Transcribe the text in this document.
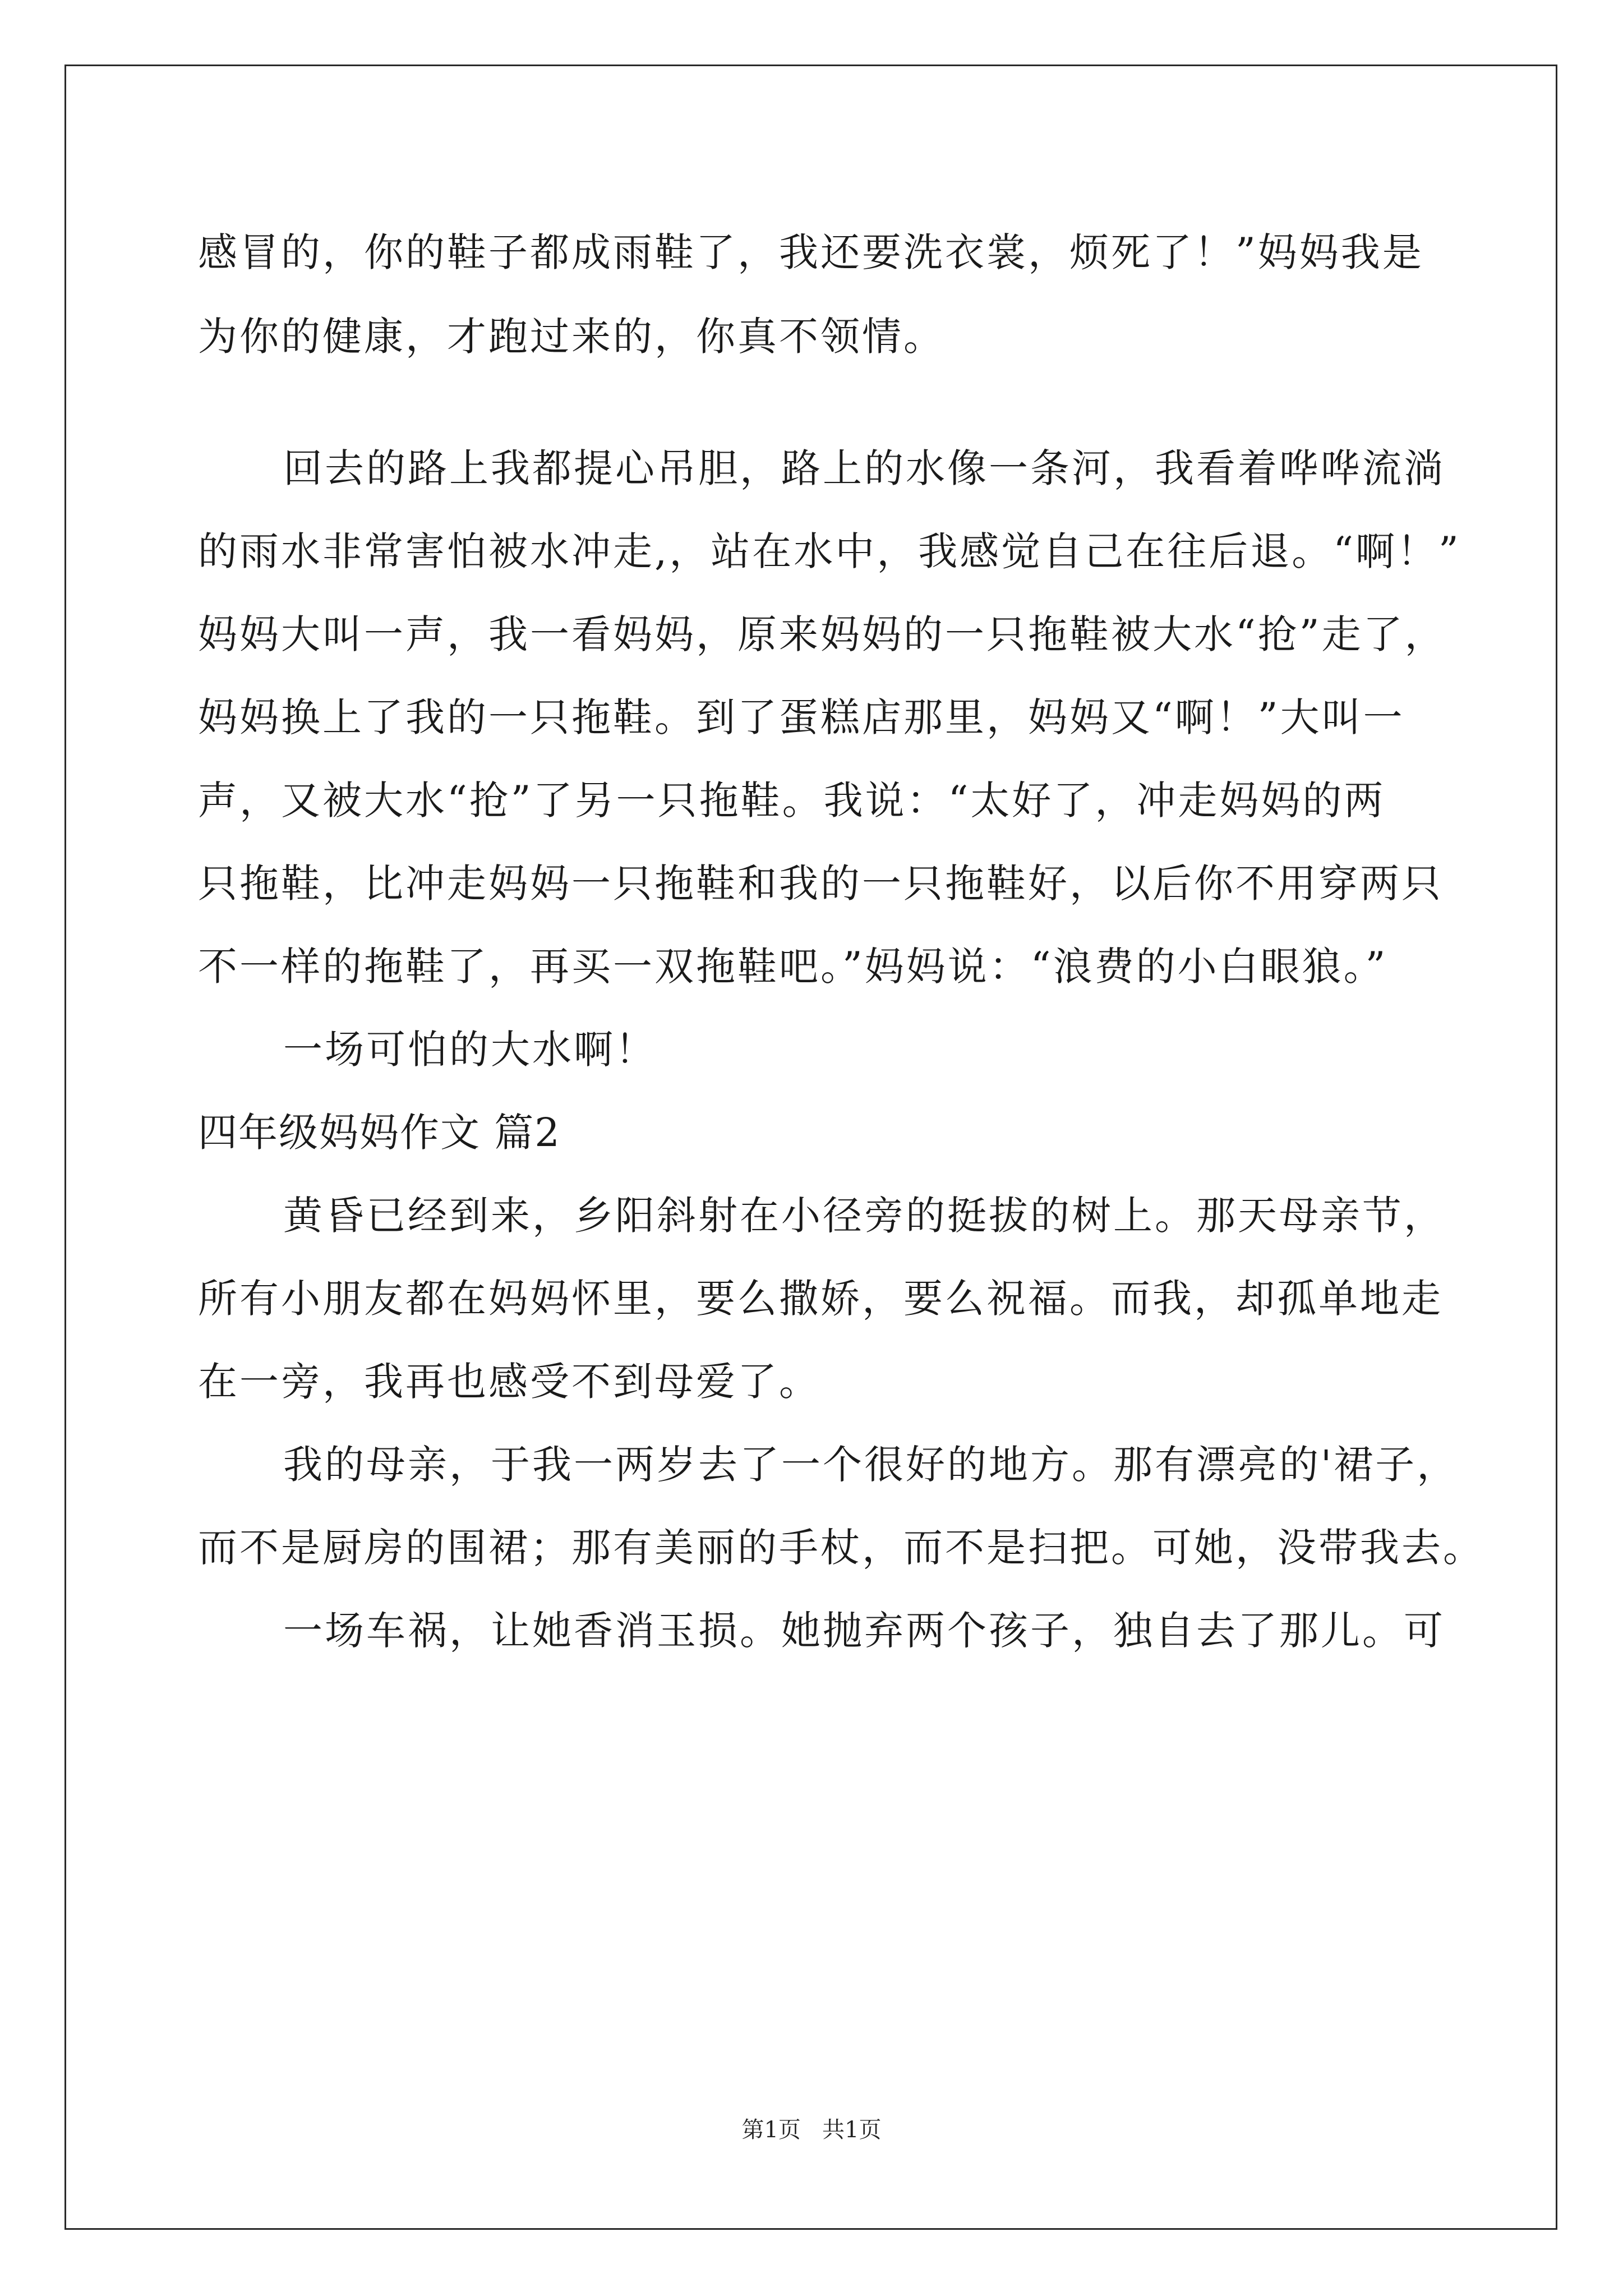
感冒的，你的鞋子都成雨鞋了，我还要洗衣裳，烦死了！”妈妈我是
为你的健康，才跑过来的，你真不领情。
回去的路上我都提心吊胆，路上的水像一条河，我看着哗哗流淌
的雨水非常害怕被水冲走,，站在水中，我感觉自己在往后退。“啊！”
妈妈大叫一声，我一看妈妈，原来妈妈的一只拖鞋被大水“抢”走了，
妈妈换上了我的一只拖鞋。到了蛋糕店那里，妈妈又“啊！”大叫一
声，又被大水“抢”了另一只拖鞋。我说：“太好了，冲走妈妈的两
只拖鞋，比冲走妈妈一只拖鞋和我的一只拖鞋好，以后你不用穿两只
不一样的拖鞋了，再买一双拖鞋吧。”妈妈说：“浪费的小白眼狼。”
一场可怕的大水啊！
四年级妈妈作文 篇2
黄昏已经到来，乡阳斜射在小径旁的挺拔的树上。那天母亲节，
所有小朋友都在妈妈怀里，要么撒娇，要么祝福。而我，却孤单地走
在一旁，我再也感受不到母爱了。
我的母亲，于我一两岁去了一个很好的地方。那有漂亮的'裙子，
而不是厨房的围裙；那有美丽的手杖，而不是扫把。可她，没带我去。
一场车祸，让她香消玉损。她抛弃两个孩子，独自去了那儿。可
第1页   共1页
